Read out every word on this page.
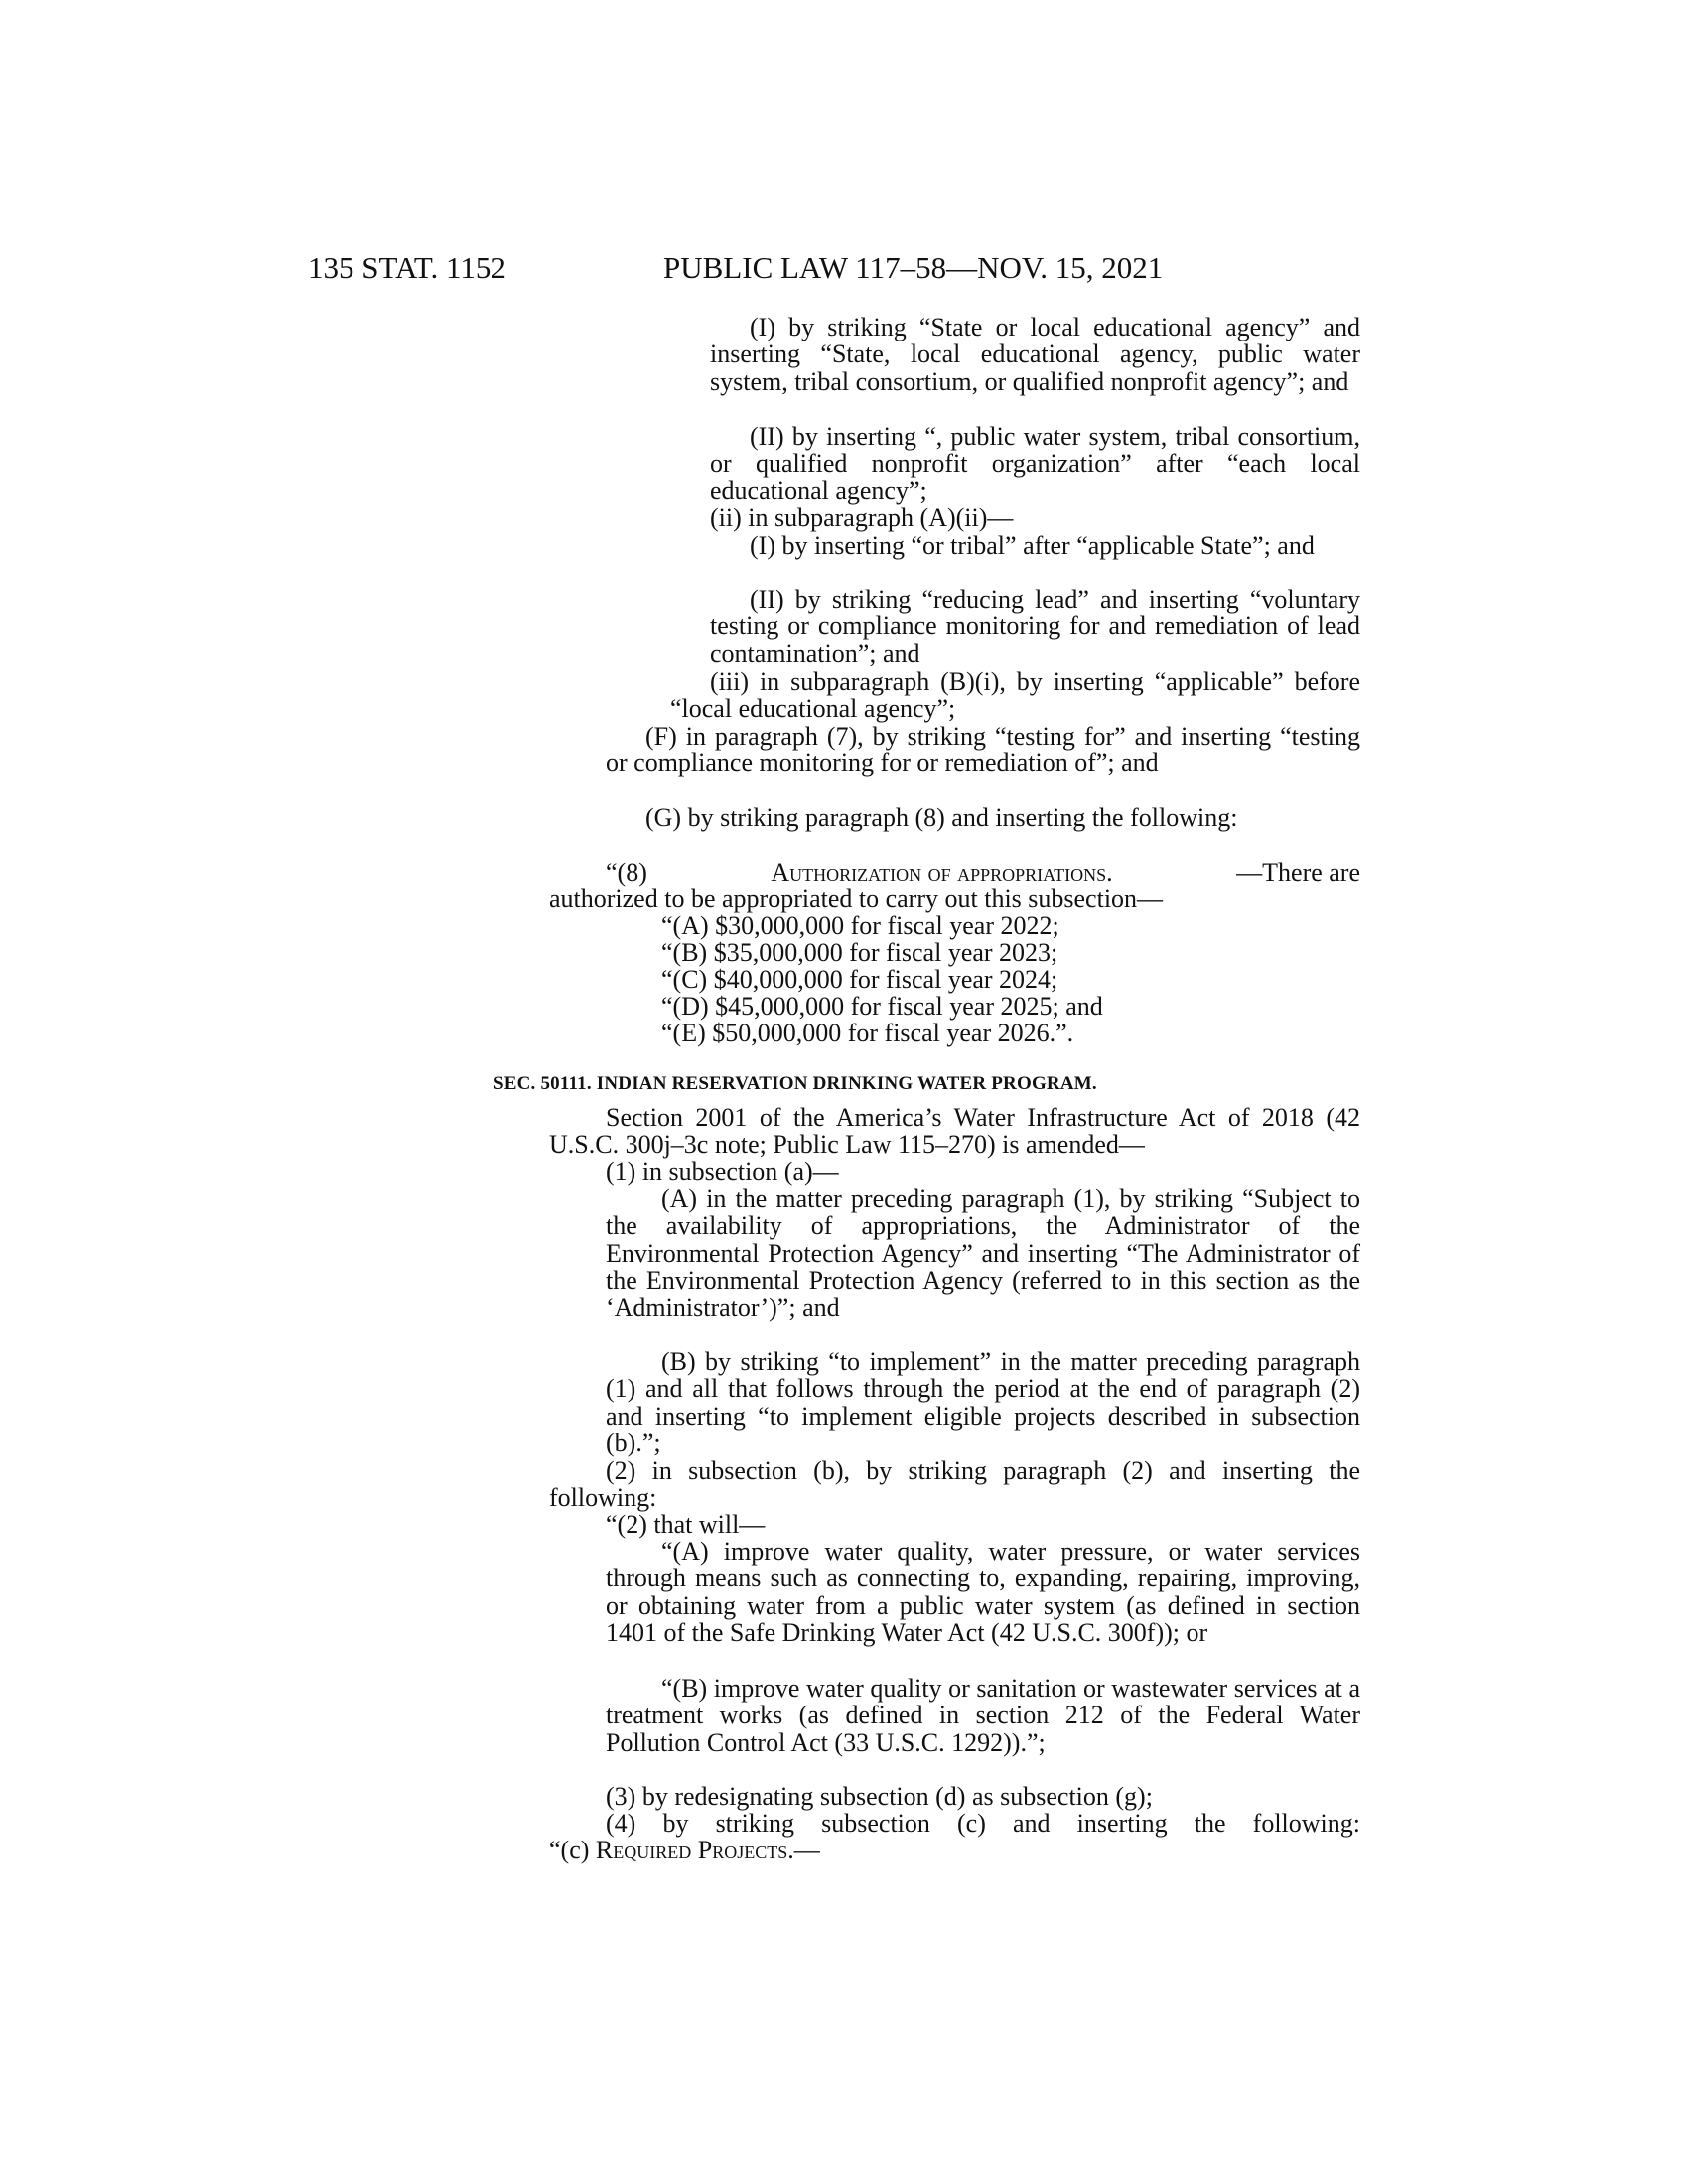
135 STAT. 1152	PUBLIC LAW 117–58—NOV. 15, 2021
(I) by striking “State or local educational agency” and inserting “State, local educational agency, public water system, tribal consortium, or qualified nonprofit agency”; and
(II) by inserting “, public water system, tribal consortium, or qualified nonprofit organization” after “each local educational agency”;
(ii) in subparagraph (A)(ii)—
(I) by inserting “or tribal” after “applicable State”; and
(II) by striking “reducing lead” and inserting “voluntary testing or compliance monitoring for and remediation of lead contamination”; and
(iii) in subparagraph (B)(i), by inserting “applicable” before “local educational agency”;
(F) in paragraph (7), by striking “testing for” and inserting “testing or compliance monitoring for or remediation of”; and
(G) by striking paragraph (8) and inserting the following:
“(8)	Authorization of appropriations.	—There are
authorized to be appropriated to carry out this subsection—
“(A) $30,000,000 for fiscal year 2022;
“(B) $35,000,000 for fiscal year 2023;
“(C) $40,000,000 for fiscal year 2024;
“(D) $45,000,000 for fiscal year 2025; and
“(E) $50,000,000 for fiscal year 2026.”.
SEC. 50111. INDIAN RESERVATION DRINKING WATER PROGRAM.
Section 2001 of the America’s Water Infrastructure Act of 2018 (42 U.S.C. 300j–3c note; Public Law 115–270) is amended—
(1) in subsection (a)—
(A) in the matter preceding paragraph (1), by striking “Subject to the availability of appropriations, the Administrator of the Environmental Protection Agency” and inserting “The Administrator of the Environmental Protection Agency (referred to in this section as the ‘Administrator’)”; and
(B) by striking “to implement” in the matter preceding paragraph (1) and all that follows through the period at the end of paragraph (2) and inserting “to implement eligible projects described in subsection (b).”;
(2) in subsection (b), by striking paragraph (2) and inserting the following:
“(2) that will—
“(A) improve water quality, water pressure, or water services through means such as connecting to, expanding, repairing, improving, or obtaining water from a public water system (as defined in section 1401 of the Safe Drinking Water Act (42 U.S.C. 300f)); or
“(B) improve water quality or sanitation or wastewater services at a treatment works (as defined in section 212 of the Federal Water Pollution Control Act (33 U.S.C. 1292)).”;
(3) by redesignating subsection (d) as subsection (g);
(4) by striking subsection (c) and inserting the following:
“(c) Required Projects.—
